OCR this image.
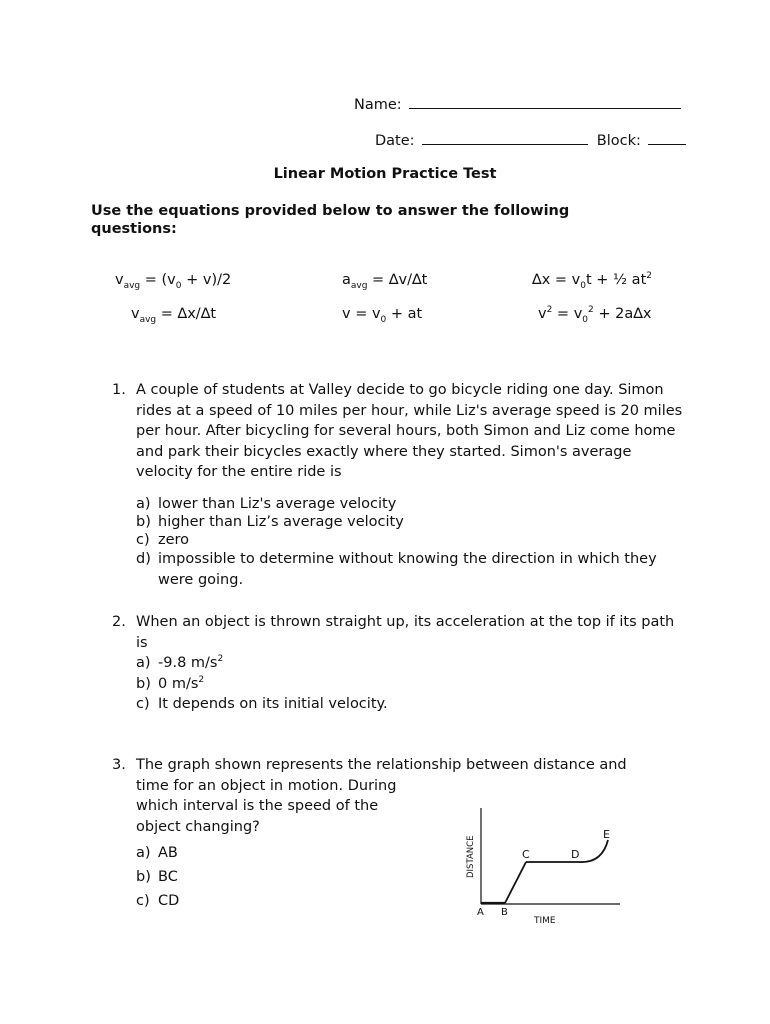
Name:
Date:	Block:
Linear Motion Practice Test
Use the equations provided below to answer the following questions:
$v_{avg} = (v_0 + v)/2$	$a_{avg} = \Delta v/\Delta t$	$\Delta x = v_0t$ + ½ $at^2$
$v_{avg} = \Delta x/\Delta t$	$v = v_0$ + at	$v^2 = v_0^2 + 2a\Delta x$
1. A couple of students at Valley decide to go bicycle riding one day. Simon rides at a speed of 10 miles per hour, while Liz's average speed is 20 miles per hour. After bicycling for several hours, both Simon and Liz come home and park their bicycles exactly where they started. Simon's average velocity for the entire ride is
a) lower than Liz's average velocity
b) higher than Liz’s average velocity
c) zero
d) impossible to determine without knowing the direction in which they were going.
2. When an object is thrown straight up, its acceleration at the top if its path is
a) -9.8 $m/s^2$
b) 0 $m/s^2$
c) It depends on its initial velocity.
3. The graph shown represents the relationship between distance and
time for an object in motion. During
which interval is the speed of the
object changing?
a) AB
b) BC
c) CD
DISTANCE
TIME
A B
C	D
E
